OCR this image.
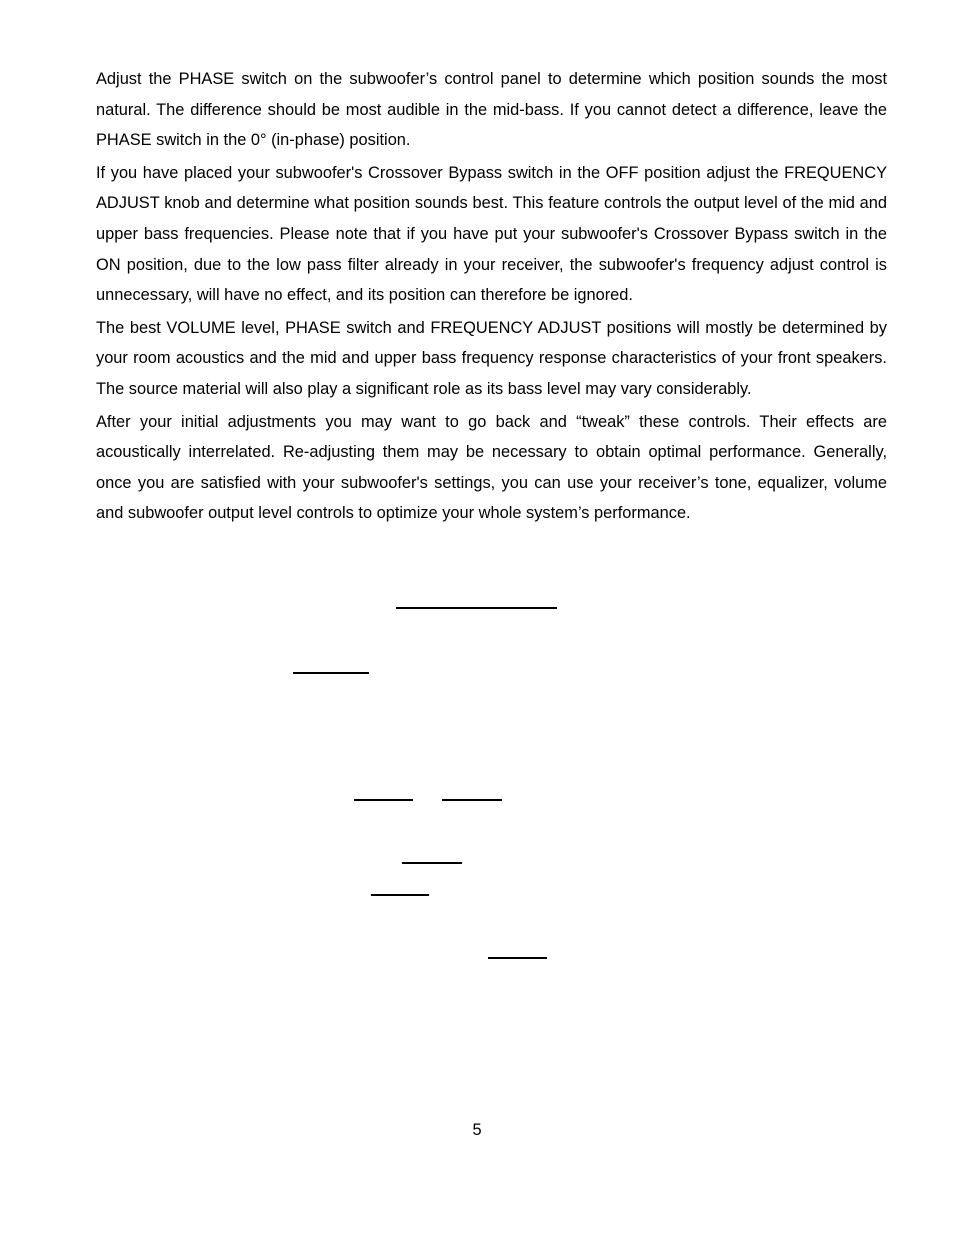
Adjust the PHASE switch on the subwoofer’s control panel to determine which position sounds the most natural. The difference should be most audible in the mid-bass. If you cannot detect a difference, leave the PHASE switch in the 0° (in-phase) position.

If you have placed your subwoofer's Crossover Bypass switch in the OFF position adjust the FREQUENCY ADJUST knob and determine what position sounds best. This feature controls the output level of the mid and upper bass frequencies. Please note that if you have put your subwoofer's Crossover Bypass switch in the ON position, due to the low pass filter already in your receiver, the subwoofer's frequency adjust control is unnecessary, will have no effect, and its position can therefore be ignored.

The best VOLUME level, PHASE switch and FREQUENCY ADJUST positions will mostly be determined by your room acoustics and the mid and upper bass frequency response characteristics of your front speakers. The source material will also play a significant role as its bass level may vary considerably.

After your initial adjustments you may want to go back and “tweak” these controls. Their effects are acoustically interrelated. Re-adjusting them may be necessary to obtain optimal performance. Generally, once you are satisfied with your subwoofer's settings, you can use your receiver’s tone, equalizer, volume and subwoofer output level controls to optimize your whole system’s performance.

5
